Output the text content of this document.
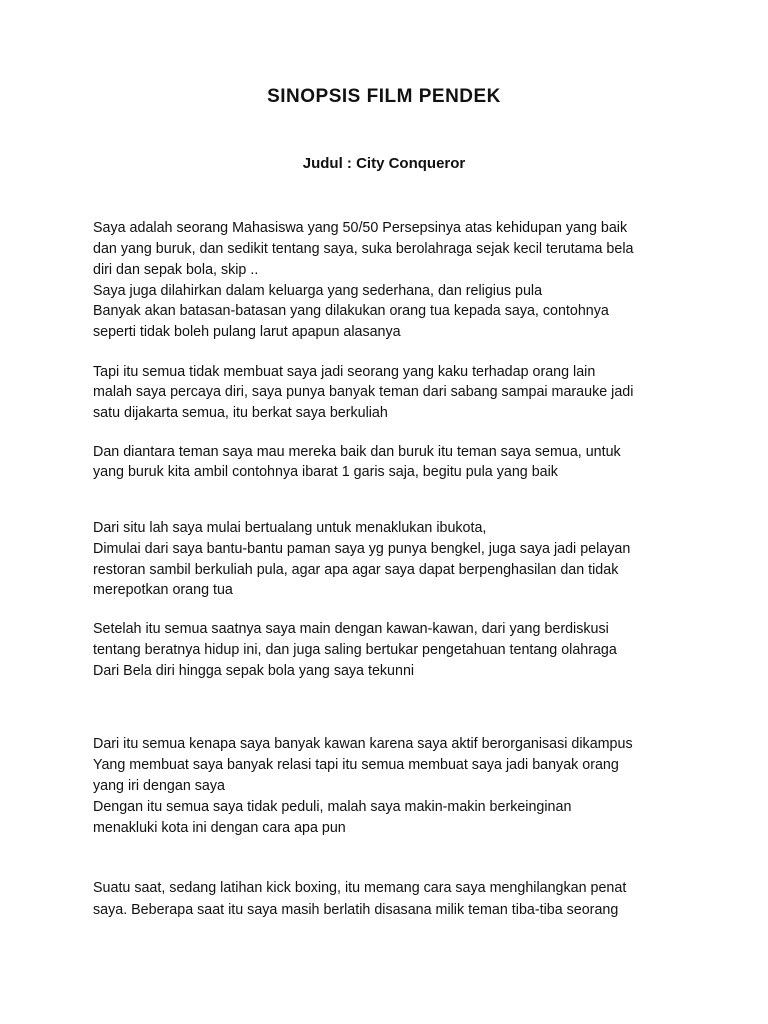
SINOPSIS FILM PENDEK
Judul : City Conqueror

Saya adalah seorang Mahasiswa yang 50/50 Persepsinya atas kehidupan yang baik

dan yang buruk, dan sedikit tentang saya, suka berolahraga sejak kecil terutama bela

diri dan sepak bola, skip ..

Saya juga dilahirkan dalam keluarga yang sederhana, dan religius pula

Banyak akan batasan-batasan yang dilakukan orang tua kepada saya, contohnya

seperti tidak boleh pulang larut apapun alasanya

Tapi itu semua tidak membuat saya jadi seorang yang kaku terhadap orang lain

malah saya percaya diri, saya punya banyak teman dari sabang sampai marauke jadi

satu dijakarta semua, itu berkat saya berkuliah

Dan diantara teman saya mau mereka baik dan buruk itu teman saya semua, untuk

yang buruk kita ambil contohnya ibarat 1 garis saja, begitu pula yang baik

Dari situ lah saya mulai bertualang untuk menaklukan ibukota,

Dimulai dari saya bantu-bantu paman saya yg punya bengkel, juga saya jadi pelayan

restoran sambil berkuliah pula, agar apa agar saya dapat berpenghasilan dan tidak

merepotkan orang tua

Setelah itu semua saatnya saya main dengan kawan-kawan, dari yang berdiskusi

tentang beratnya hidup ini, dan juga saling bertukar pengetahuan tentang olahraga

Dari Bela diri hingga sepak bola yang saya tekunni

Dari itu semua kenapa saya banyak kawan karena saya aktif berorganisasi dikampus

Yang membuat saya banyak relasi tapi itu semua membuat saya jadi banyak orang

yang iri dengan saya

Dengan itu semua saya tidak peduli, malah saya makin-makin berkeinginan

menakluki kota ini dengan cara apa pun

Suatu saat, sedang latihan kick boxing, itu memang cara saya menghilangkan penat

saya. Beberapa saat itu saya masih berlatih disasana milik teman tiba-tiba seorang
